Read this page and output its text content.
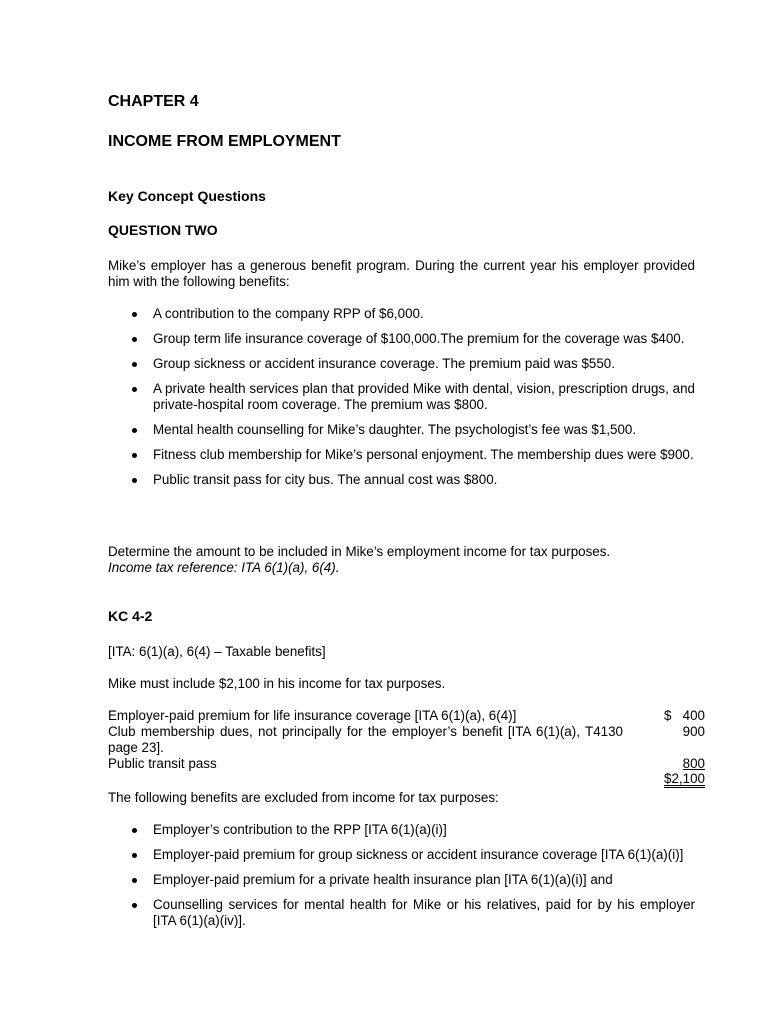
CHAPTER 4
INCOME FROM EMPLOYMENT
Key Concept Questions
QUESTION TWO
Mike’s employer has a generous benefit program. During the current year his employer provided him with the following benefits:
A contribution to the company RPP of $6,000.
Group term life insurance coverage of $100,000.The premium for the coverage was $400.
Group sickness or accident insurance coverage. The premium paid was $550.
A private health services plan that provided Mike with dental, vision, prescription drugs, and private-hospital room coverage. The premium was $800.
Mental health counselling for Mike’s daughter. The psychologist’s fee was $1,500.
Fitness club membership for Mike’s personal enjoyment. The membership dues were $900.
Public transit pass for city bus. The annual cost was $800.
Determine the amount to be included in Mike’s employment income for tax purposes.
Income tax reference: ITA 6(1)(a), 6(4).
KC 4-2
[ITA: 6(1)(a), 6(4) – Taxable benefits]
Mike must include $2,100 in his income for tax purposes.
Employer-paid premium for life insurance coverage [ITA 6(1)(a), 6(4)]	$   400
Club membership dues, not principally for the employer’s benefit [ITA 6(1)(a), T4130 page 23].
900
Public transit pass	800
$2,100
The following benefits are excluded from income for tax purposes:
Employer’s contribution to the RPP [ITA 6(1)(a)(i)]
Employer-paid premium for group sickness or accident insurance coverage [ITA 6(1)(a)(i)]
Employer-paid premium for a private health insurance plan [ITA 6(1)(a)(i)] and
Counselling services for mental health for Mike or his relatives, paid for by his employer [ITA 6(1)(a)(iv)].
